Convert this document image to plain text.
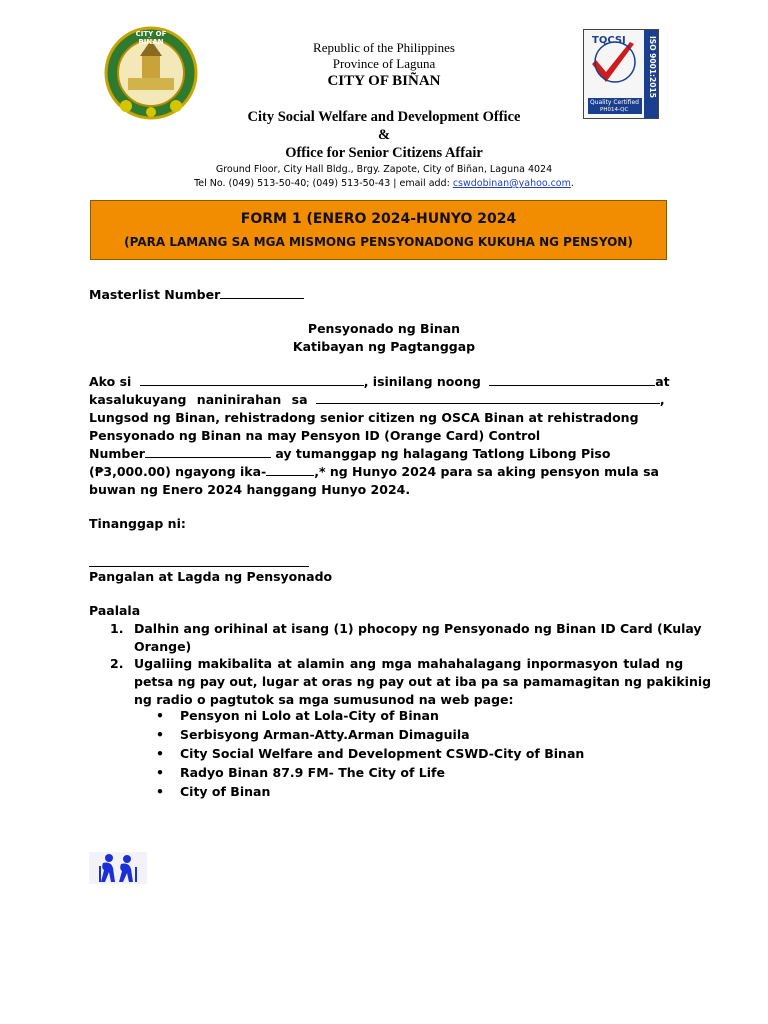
CITY OF BIÑAN	TQCSI	ISO 9001:2015
Quality Certified
PH014-QC
Republic of the Philippines
Province of Laguna
CITY OF BIÑAN
City Social Welfare and Development Office
&
Office for Senior Citizens Affair
Ground Floor, City Hall Bldg., Brgy. Zapote, City of Biñan, Laguna 4024
Tel No. (049) 513-50-40; (049) 513-50-43 | email add: cswdobinan@yahoo.com.
FORM 1 (ENERO 2024-HUNYO 2024
(PARA LAMANG SA MGA MISMONG PENSYONADONG KUKUHA NG PENSYON)
Masterlist Number
Pensyonado ng Binan
Katibayan ng Pagtanggap
Ako si	, isinilang noong	at
kasalukuyang naninirahan sa	,
Lungsod ng Binan, rehistradong senior citizen ng OSCA Binan at rehistradong
Pensyonado ng Binan na may Pensyon ID (Orange Card) Control
Number	ay tumanggap ng halagang Tatlong Libong Piso
(₱3,000.00) ngayong ika-	,* ng Hunyo 2024 para sa aking pensyon mula sa
buwan ng Enero 2024 hanggang Hunyo 2024.
Tinanggap ni:
Pangalan at Lagda ng Pensyonado
Paalala
1. Dalhin ang orihinal at isang (1) phocopy ng Pensyonado ng Binan ID Card (Kulay
Orange)
2. Ugaliing makibalita at alamin ang mga mahahalagang inpormasyon tulad ng
petsa ng pay out, lugar at oras ng pay out at iba pa sa pamamagitan ng pakikinig
ng radio o pagtutok sa mga sumusunod na web page:
• Pensyon ni Lolo at Lola-City of Binan
• Serbisyong Arman-Atty.Arman Dimaguila
• City Social Welfare and Development CSWD-City of Binan
• Radyo Binan 87.9 FM- The City of Life
• City of Binan
